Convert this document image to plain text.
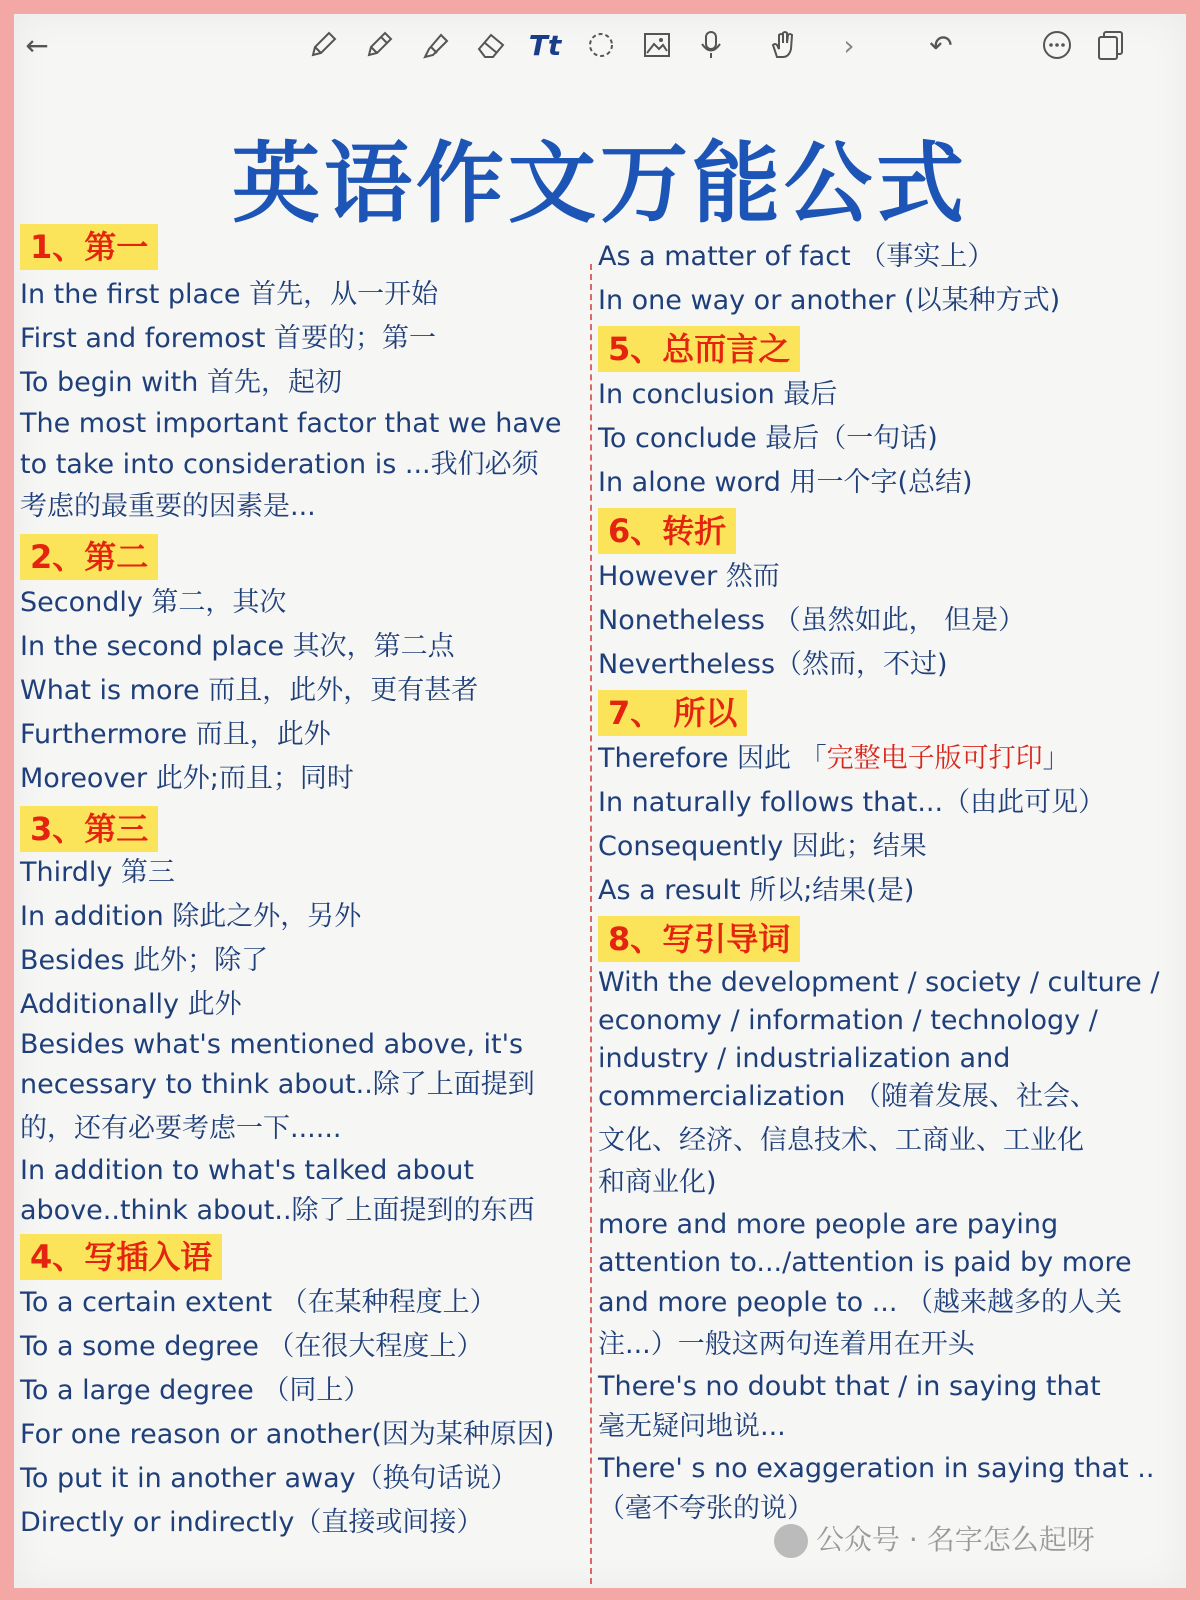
←	Tt	›	↶
英语作文万能公式
1、第一
In the first place 首先，从一开始
First and foremost 首要的；第一
To begin with 首先，起初
The most important factor that we have
to take into consideration is ...我们必须
考虑的最重要的因素是...
2、第二
Secondly 第二，其次
In the second place 其次，第二点
What is more 而且，此外，更有甚者
Furthermore 而且，此外
Moreover 此外;而且；同时
3、第三
Thirdly 第三
In addition 除此之外，另外
Besides 此外；除了
Additionally 此外
Besides what's mentioned above, it's
necessary to think about..除了上面提到
的，还有必要考虑一下......
In addition to what's talked about
above..think about..除了上面提到的东西
4、写插入语
To a certain extent （在某种程度上）
To a some degree （在很大程度上）
To a large degree （同上）
For one reason or another(因为某种原因)
To put it in another away（换句话说）
Directly or indirectly（直接或间接）
As a matter of fact （事实上）
In one way or another (以某种方式)
5、总而言之
In conclusion 最后
To conclude 最后（一句话)
In alone word 用一个字(总结)
6、转折
However 然而
Nonetheless （虽然如此， 但是）
Nevertheless（然而，不过)
7、 所以
Therefore 因此 「完整电子版可打印」
In naturally follows that...（由此可见）
Consequently 因此；结果
As a result 所以;结果(是)
8、写引导词
With the development / society / culture /
economy / information / technology /
industry / industrialization and
commercialization （随着发展、社会、
文化、经济、信息技术、工商业、工业化
和商业化)
more and more people are paying
attention to.../attention is paid by more
and more people to ... （越来越多的人关
注...）一般这两句连着用在开头
There's no doubt that / in saying that
毫无疑问地说...
There' s no exaggeration in saying that ..
（毫不夸张的说）
公众号 · 名字怎么起呀
